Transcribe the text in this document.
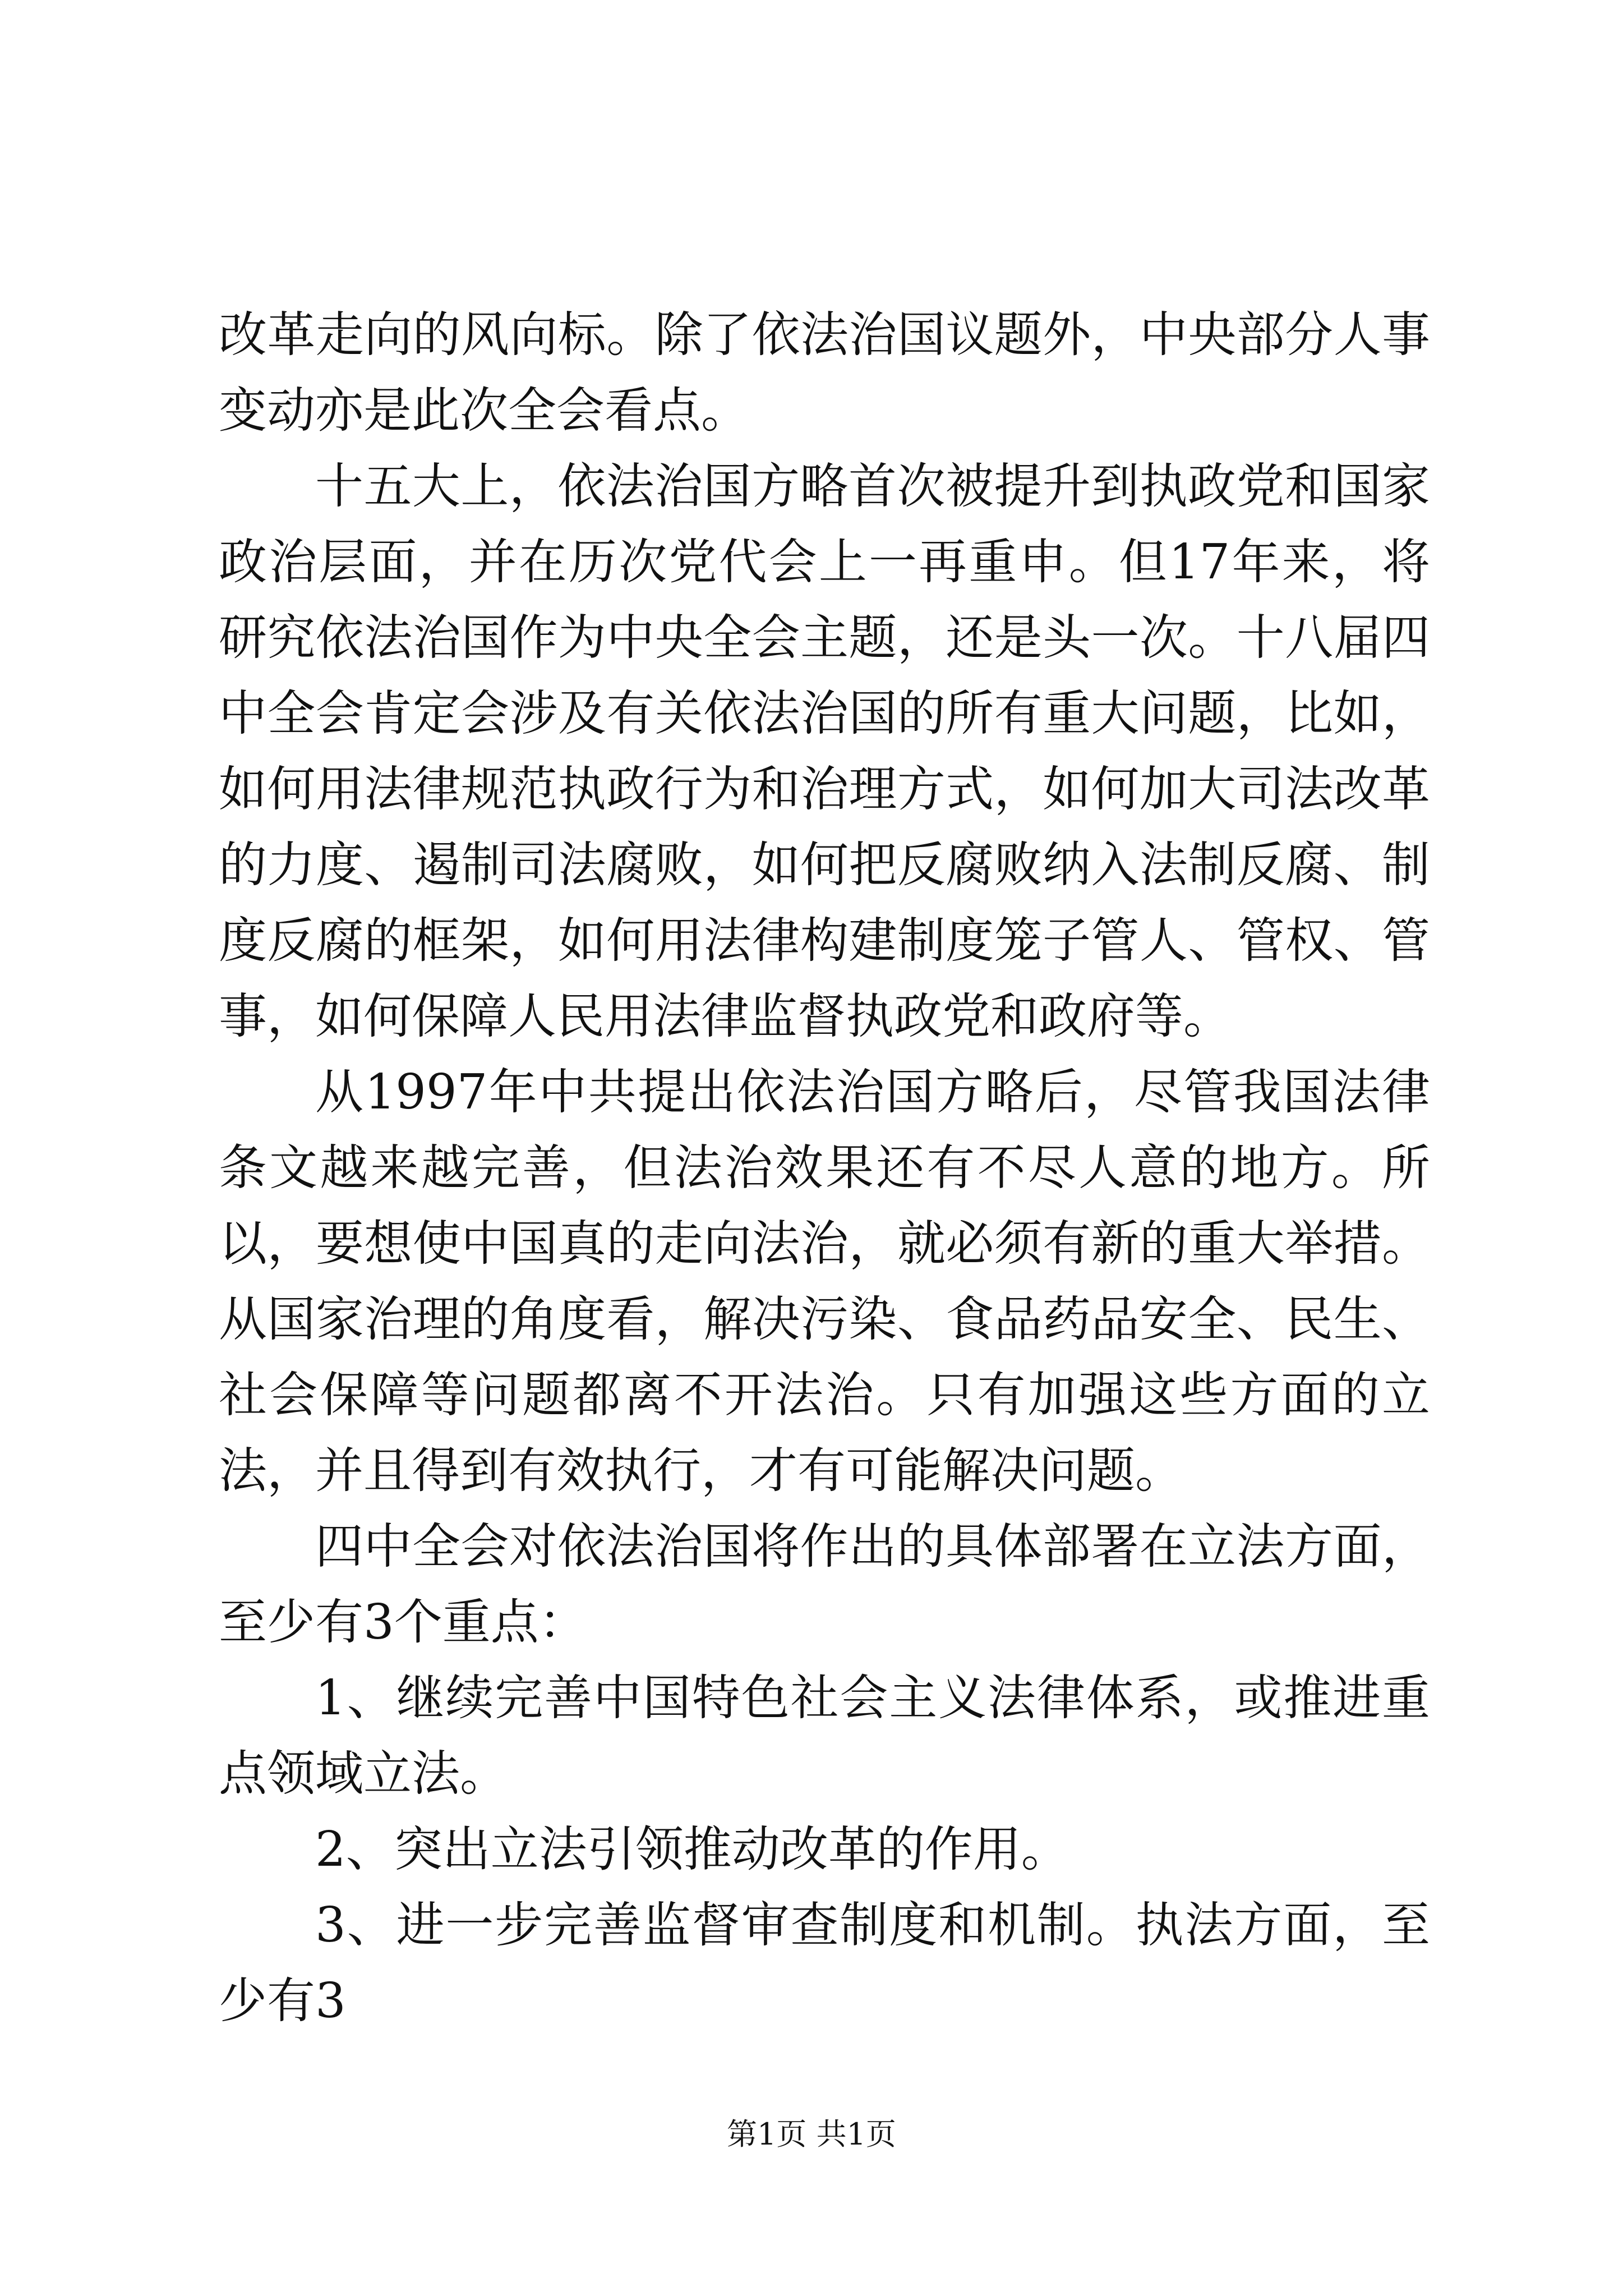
改革走向的风向标。除了依法治国议题外，中央部分人事变动亦是此次全会看点。

十五大上，依法治国方略首次被提升到执政党和国家政治层面，并在历次党代会上一再重申。但17年来，将研究依法治国作为中央全会主题，还是头一次。十八届四中全会肯定会涉及有关依法治国的所有重大问题，比如，如何用法律规范执政行为和治理方式，如何加大司法改革的力度、遏制司法腐败，如何把反腐败纳入法制反腐、制度反腐的框架，如何用法律构建制度笼子管人、管权、管事，如何保障人民用法律监督执政党和政府等。

从1997年中共提出依法治国方略后，尽管我国法律条文越来越完善，但法治效果还有不尽人意的地方。所以，要想使中国真的走向法治，就必须有新的重大举措。从国家治理的角度看，解决污染、食品药品安全、民生、社会保障等问题都离不开法治。只有加强这些方面的立法，并且得到有效执行，才有可能解决问题。

四中全会对依法治国将作出的具体部署在立法方面，至少有3个重点：

1、继续完善中国特色社会主义法律体系，或推进重点领域立法。

2、突出立法引领推动改革的作用。

3、进一步完善监督审查制度和机制。执法方面，至少有3

第1页 共1页
